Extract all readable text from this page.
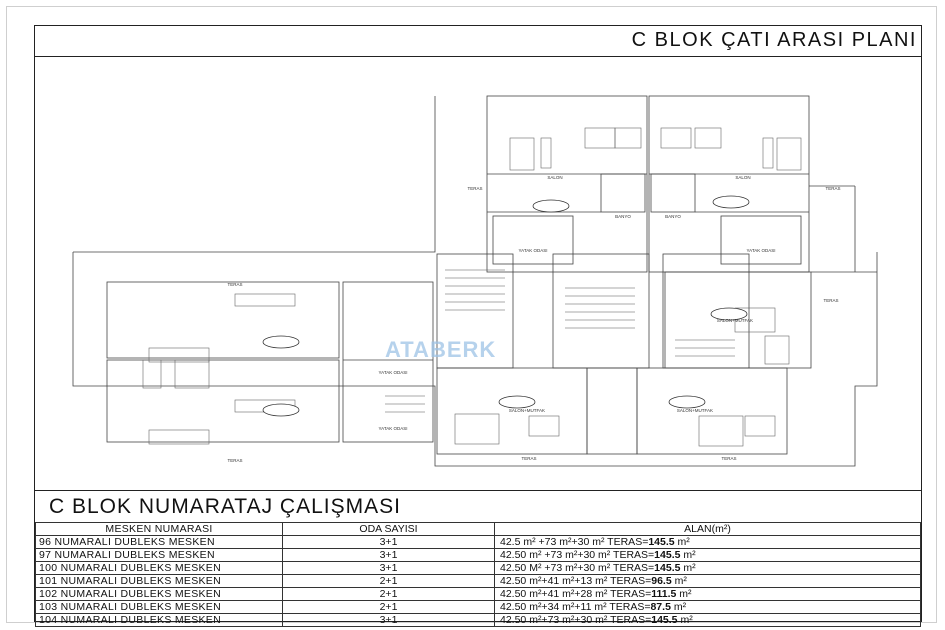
C BLOK ÇATI ARASI PLANI
SALON	SALON
BANYO	BANYO
YATAK ODASI	YATAK ODASI
TERAS
TERAS
TERAS	TERAS
TERAS
TERAS	TERAS
SALON+MUTFAK
SALON+MUTFAK	SALON+MUTFAK
YATAK ODASI
YATAK ODASI
ATABERK
C BLOK NUMARATAJ ÇALIŞMASI
MESKEN NUMARASI	ODA SAYISI	ALAN(m²)
96 NUMARALI DUBLEKS MESKEN	3+1	42.5 m² +73 m²+30 m² TERAS=145.5 m²
97 NUMARALI DUBLEKS MESKEN	3+1	42.50 m² +73 m²+30 m² TERAS=145.5 m²
100 NUMARALI DUBLEKS MESKEN	3+1	42.50 M² +73 m²+30 m² TERAS=145.5 m²
101 NUMARALI DUBLEKS MESKEN	2+1	42.50 m²+41 m²+13 m² TERAS=96.5 m²
102 NUMARALI DUBLEKS MESKEN	2+1	42.50 m²+41 m²+28 m² TERAS=111.5 m²
103 NUMARALI DUBLEKS MESKEN	2+1	42.50 m²+34 m²+11 m² TERAS=87.5 m²
104 NUMARALI DUBLEKS MESKEN	3+1	42.50 m²+73 m²+30 m² TERAS=145.5 m²
